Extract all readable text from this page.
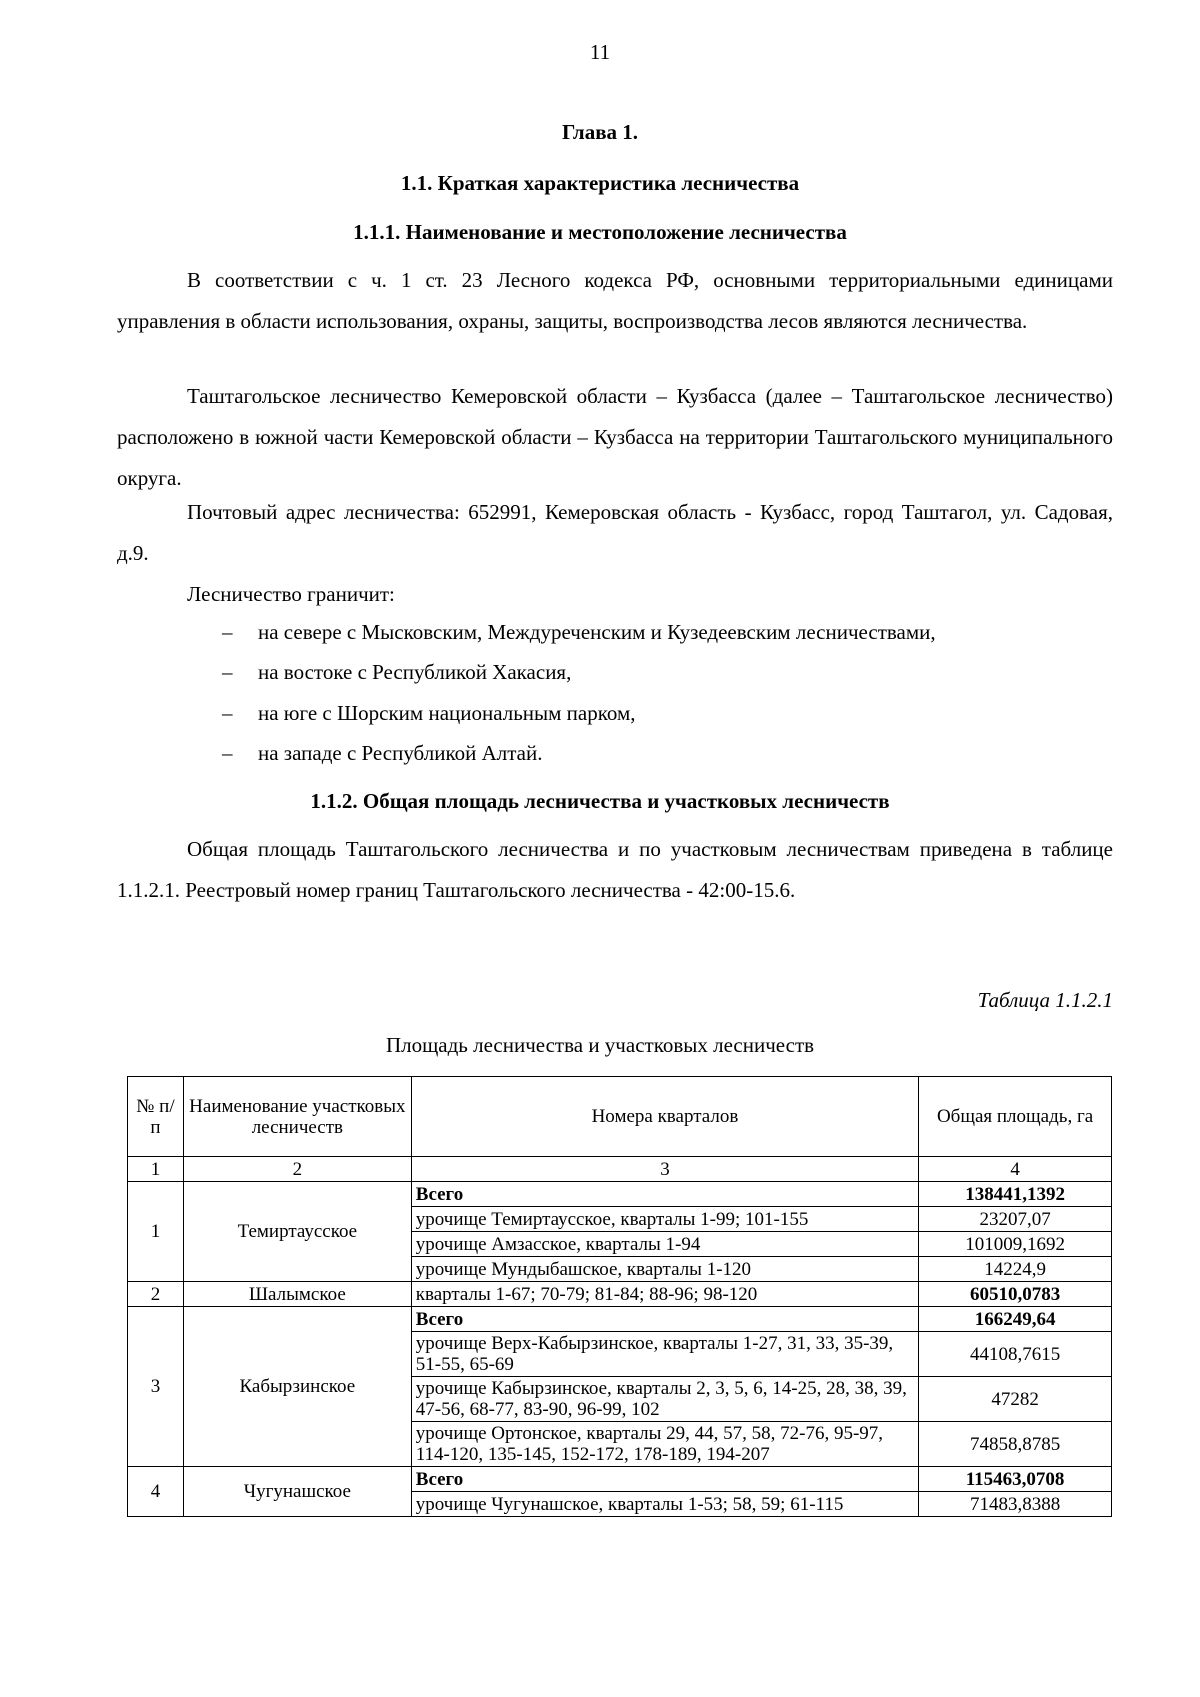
11
Глава 1.
1.1. Краткая характеристика лесничества
1.1.1. Наименование и местоположение лесничества

В соответствии с ч. 1 ст. 23 Лесного кодекса РФ, основными территориальными единицами управления в области использования, охраны, защиты, воспроизводства лесов являются лесничества.

Таштагольское лесничество Кемеровской области – Кузбасса (далее – Таштагольское лесничество) расположено в южной части Кемеровской области – Кузбасса на территории Таштагольского муниципального округа.

Почтовый адрес лесничества: 652991, Кемеровская область - Кузбасс, город Таштагол, ул. Садовая, д.9.

Лесничество граничит:

– на севере с Мысковским, Междуреченским и Кузедеевским лесничествами,
– на востоке с Республикой Хакасия,
– на юге с Шорским национальным парком,
– на западе с Республикой Алтай.
1.1.2. Общая площадь лесничества и участковых лесничеств

Общая площадь Таштагольского лесничества и по участковым лесничествам приведена в таблице 1.1.2.1. Реестровый номер границ Таштагольского лесничества - 42:00-15.6.

Таблица 1.1.2.1
Площадь лесничества и участковых лесничеств
№ п/п	Наименование участковых лесничеств	Номера кварталов	Общая площадь, га
1	2	3	4
1	Темиртаусское	Всего	138441,1392
		урочище Темиртаусское, кварталы 1-99; 101-155	23207,07
		урочище Амзасское, кварталы 1-94	101009,1692
		урочище Мундыбашское, кварталы 1-120	14224,9
2	Шалымское	кварталы 1-67; 70-79; 81-84; 88-96; 98-120	60510,0783
3	Кабырзинское	Всего	166249,64
		урочище Верх-Кабырзинское, кварталы 1-27, 31, 33, 35-39, 51-55, 65-69	44108,7615
		урочище Кабырзинское, кварталы 2, 3, 5, 6, 14-25, 28, 38, 39, 47-56, 68-77, 83-90, 96-99, 102	47282
		урочище Ортонское, кварталы 29, 44, 57, 58, 72-76, 95-97, 114-120, 135-145, 152-172, 178-189, 194-207	74858,8785
4	Чугунашское	Всего	115463,0708
		урочище Чугунашское, кварталы 1-53; 58, 59; 61-115	71483,8388
